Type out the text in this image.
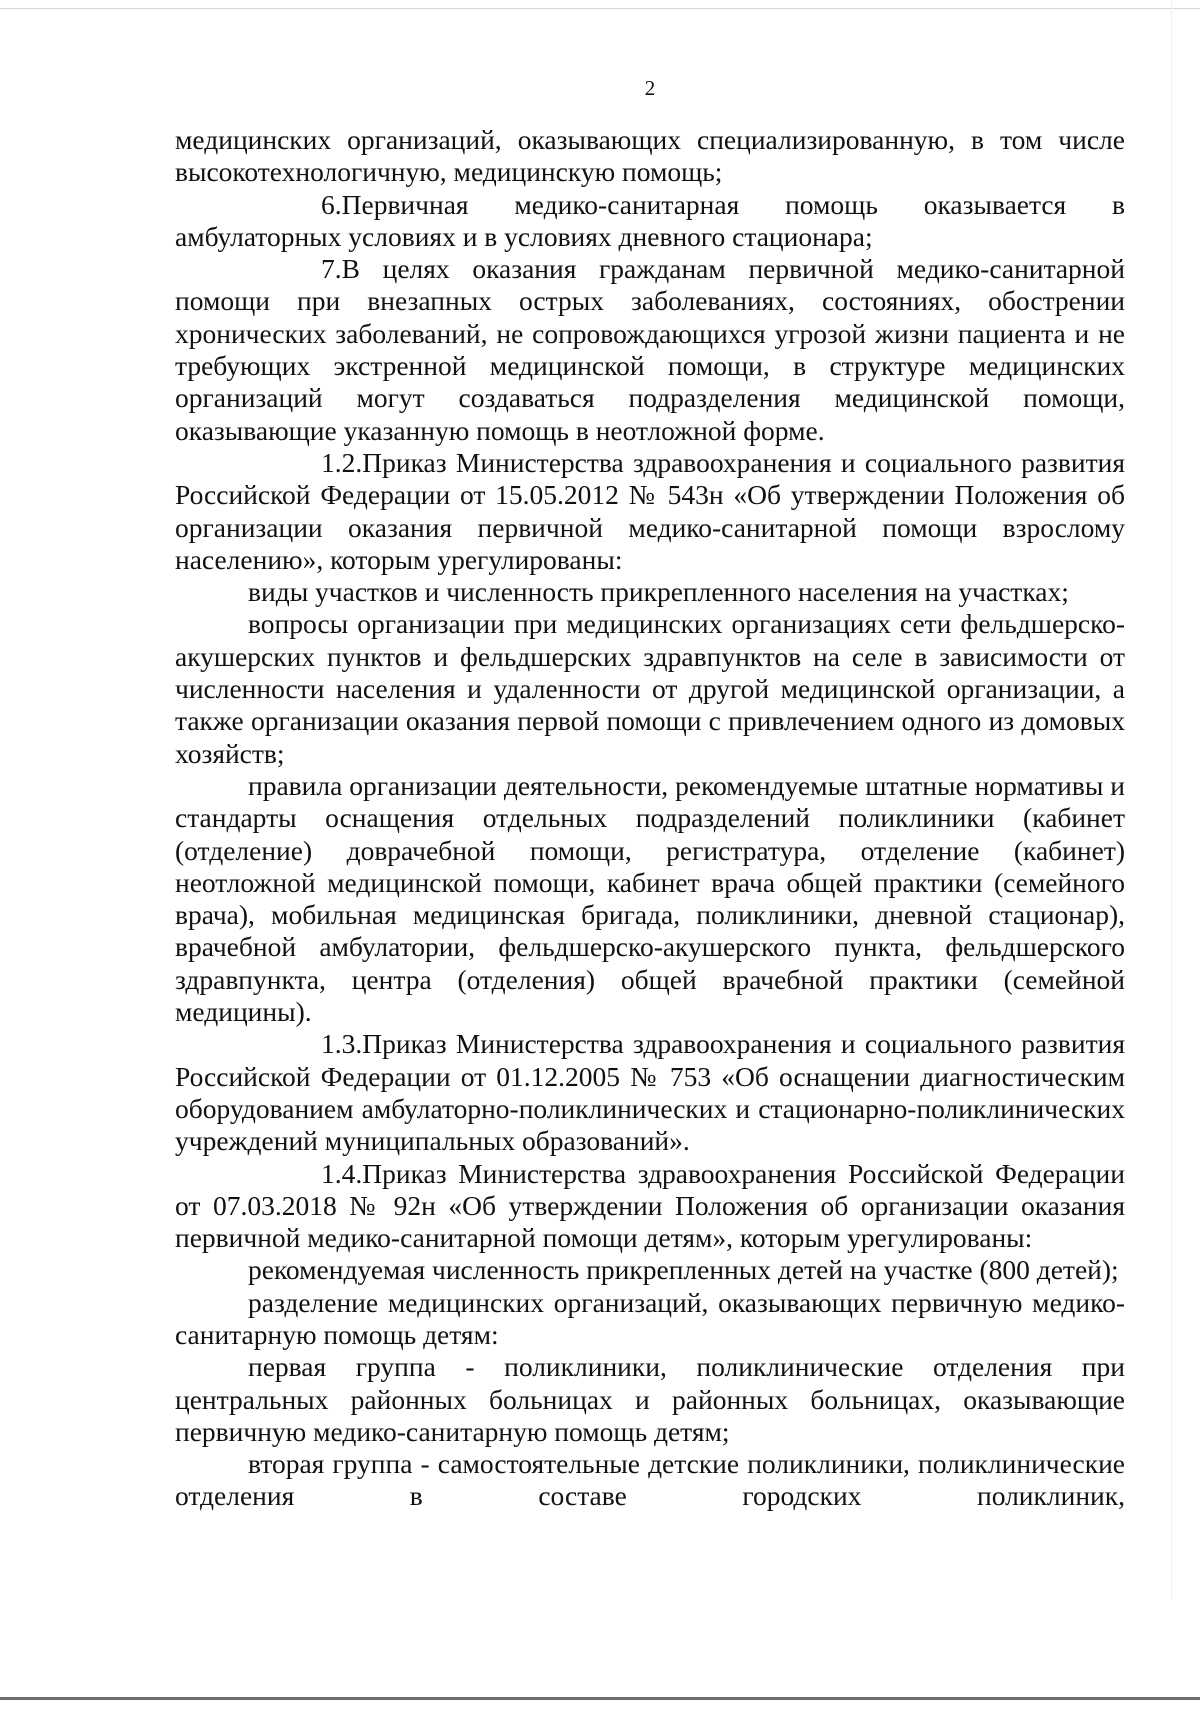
2

медицинских организаций, оказывающих специализированную, в том числе высокотехнологичную, медицинскую помощь;

6.Первичная медико-санитарная помощь оказывается в амбулаторных условиях и в условиях дневного стационара;

7.В целях оказания гражданам первичной медико-санитарной помощи при внезапных острых заболеваниях, состояниях, обострении хронических заболеваний, не сопровождающихся угрозой жизни пациента и не требующих экстренной медицинской помощи, в структуре медицинских организаций могут создаваться подразделения медицинской помощи, оказывающие указанную помощь в неотложной форме.

1.2.Приказ Министерства здравоохранения и социального развития Российской Федерации от 15.05.2012 № 543н «Об утверждении Положения об организации оказания первичной медико-санитарной помощи взрослому населению», которым урегулированы:

виды участков и численность прикрепленного населения на участках;

вопросы организации при медицинских организациях сети фельдшерско-акушерских пунктов и фельдшерских здравпунктов на селе в зависимости от численности населения и удаленности от другой медицинской организации, а также организации оказания первой помощи с привлечением одного из домовых хозяйств;

правила организации деятельности, рекомендуемые штатные нормативы и стандарты оснащения отдельных подразделений поликлиники (кабинет (отделение) доврачебной помощи, регистратура, отделение (кабинет) неотложной медицинской помощи, кабинет врача общей практики (семейного врача), мобильная медицинская бригада, поликлиники, дневной стационар), врачебной амбулатории, фельдшерско-акушерского пункта, фельдшерского здравпункта, центра (отделения) общей врачебной практики (семейной медицины).

1.3.Приказ Министерства здравоохранения и социального развития Российской Федерации от 01.12.2005 № 753 «Об оснащении диагностическим оборудованием амбулаторно-поликлинических и стационарно-поликлинических учреждений муниципальных образований».

1.4.Приказ Министерства здравоохранения Российской Федерации от 07.03.2018 № 92н «Об утверждении Положения об организации оказания первичной медико-санитарной помощи детям», которым урегулированы:

рекомендуемая численность прикрепленных детей на участке (800 детей);

разделение медицинских организаций, оказывающих первичную медико-санитарную помощь детям:

первая группа - поликлиники, поликлинические отделения при центральных районных больницах и районных больницах, оказывающие первичную медико-санитарную помощь детям;

вторая группа - самостоятельные детские поликлиники, поликлинические отделения в составе городских поликлиник,
